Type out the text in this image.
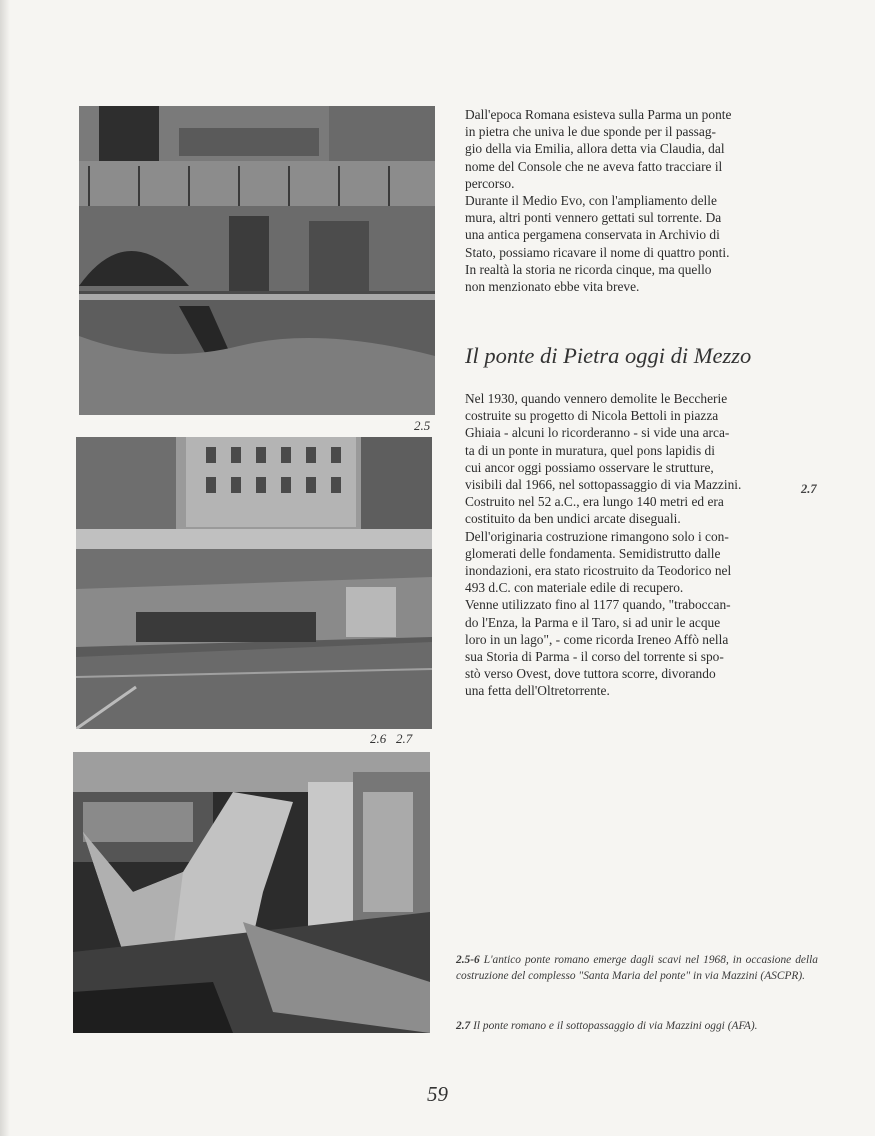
2.5
2.6   2.7

Dall'epoca Romana esisteva sulla Parma un ponte

in pietra che univa le due sponde per il passag-

gio della via Emilia, allora detta via Claudia, dal

nome del Console che ne aveva fatto tracciare il

percorso.

Durante il Medio Evo, con l'ampliamento delle

mura, altri ponti vennero gettati sul torrente. Da

una antica pergamena conservata in Archivio di

Stato, possiamo ricavare il nome di quattro ponti.

In realtà la storia ne ricorda cinque, ma quello

non menzionato ebbe vita breve.

Il ponte di Pietra oggi di Mezzo

Nel 1930, quando vennero demolite le Beccherie

costruite su progetto di Nicola Bettoli in piazza

Ghiaia - alcuni lo ricorderanno - si vide una arca-

ta di un ponte in muratura, quel pons lapidis di

cui ancor oggi possiamo osservare le strutture,

visibili dal 1966, nel sottopassaggio di via Mazzini.

Costruito nel 52 a.C., era lungo 140 metri ed era

costituito da ben undici arcate diseguali.

Dell'originaria costruzione rimangono solo i con-

glomerati delle fondamenta. Semidistrutto dalle

inondazioni, era stato ricostruito da Teodorico nel

493 d.C. con materiale edile di recupero.

Venne utilizzato fino al 1177 quando, "traboccan-

do l'Enza, la Parma e il Taro, si ad unir le acque

loro in un lago", - come ricorda Ireneo Affò nella

sua Storia di Parma - il corso del torrente si spo-

stò verso Ovest, dove tuttora scorre, divorando

una fetta dell'Oltretorrente.

2.7
2.5-6 L'antico ponte romano emerge dagli scavi nel 1968, in occasione della costruzione del complesso "Santa Maria del ponte" in via Mazzini (ASCPR).
2.7 Il ponte romano e il sottopassaggio di via Mazzini oggi (AFA).
59
